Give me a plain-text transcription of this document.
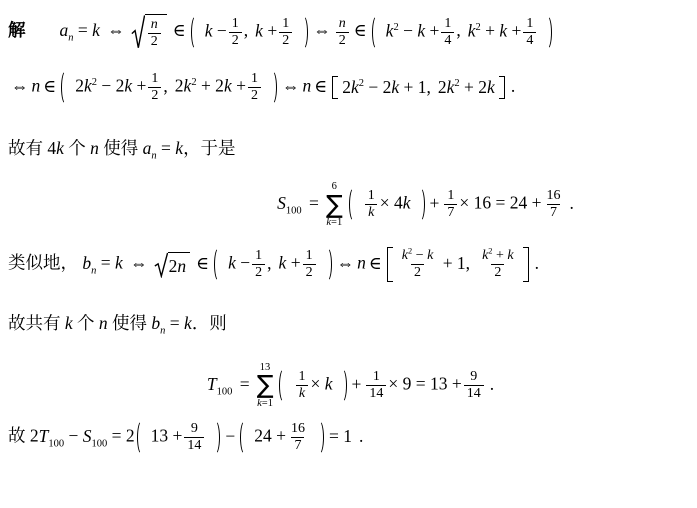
解 $a_n = k$ ⇔ $\frac{n}{2}$ ∈ $k - \frac{1}{2}$ , $k + \frac{1}{2}$ ⇔ $\frac{n}{2}$ ∈ $k^2 - k + \frac{1}{4}$ , $k^2 + k + \frac{1}{4}$
⇔ n ∈ $2k^2 - 2k + \frac{1}{2}$ , $2k^2 + 2k + \frac{1}{2}$ ⇔ n ∈ $2k^2 - 2k + 1$, $2k^2 + 2k$ .
故有 4k 个 n 使得 $a_n = k$，于是
$S_{100}$ =
6
∑
k=1
$\frac{1}{k} \times 4k + \frac{1}{7} \times 16 = 24 + \frac{16}{7}$ .
类似地， $b_n = k$ ⇔ 2 n ∈ $k - \frac{1}{2}$ , $k + \frac{1}{2}$ ⇔ n ∈ $\frac{k^2 - k}{2} + 1$, $\frac{k^2 + k}{2}$ .
故共有 k 个 n 使得 $b_n = k$．则
$T_{100}$ =
13
∑
k=1
$\frac{1}{k} \times k + \frac{1}{14} \times 9 = 13 + \frac{9}{14}$ .
故 $2T_{100} - S_{100} = 2$ $13 + \frac{9}{14} - 24 + \frac{16}{7} = 1$ .
